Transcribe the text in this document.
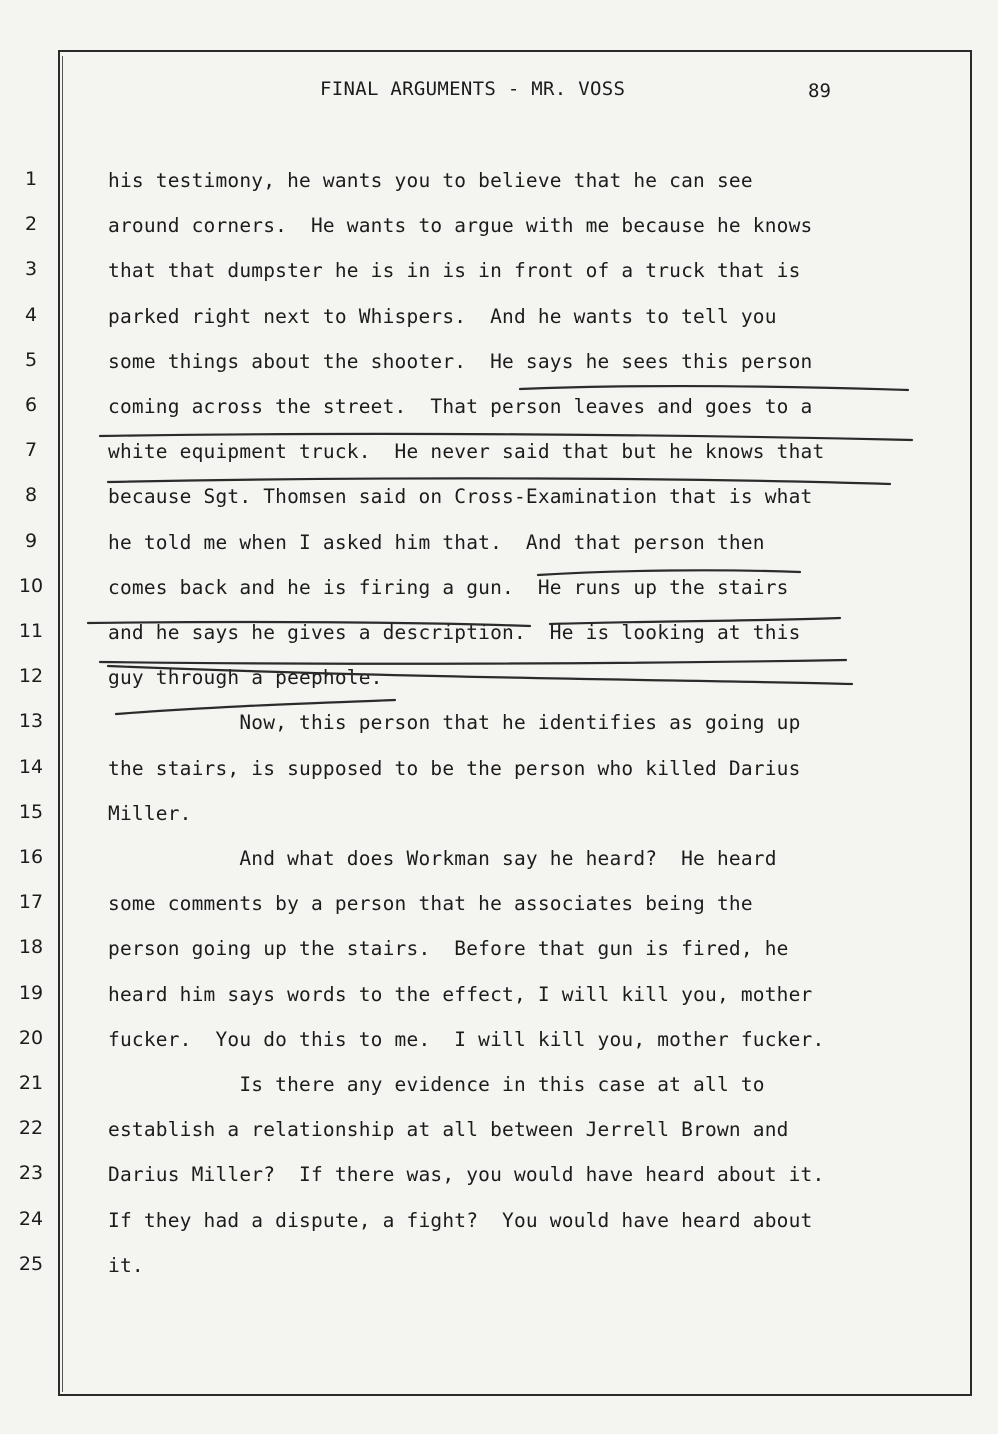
FINAL ARGUMENTS - MR. VOSS	89
1	his testimony, he wants you to believe that he can see
2	around corners.  He wants to argue with me because he knows
3	that that dumpster he is in is in front of a truck that is
4	parked right next to Whispers.  And he wants to tell you
5	some things about the shooter.  He says he sees this person
6	coming across the street.  That person leaves and goes to a
7	white equipment truck.  He never said that but he knows that
8	because Sgt. Thomsen said on Cross-Examination that is what
9	he told me when I asked him that.  And that person then
10	comes back and he is firing a gun.  He runs up the stairs
11	and he says he gives a description.  He is looking at this
12	guy through a peephole.
13	Now, this person that he identifies as going up
14	the stairs, is supposed to be the person who killed Darius
15	Miller.
16	And what does Workman say he heard?  He heard
17	some comments by a person that he associates being the
18	person going up the stairs.  Before that gun is fired, he
19	heard him says words to the effect, I will kill you, mother
20	fucker.  You do this to me.  I will kill you, mother fucker.
21	Is there any evidence in this case at all to
22	establish a relationship at all between Jerrell Brown and
23	Darius Miller?  If there was, you would have heard about it.
24	If they had a dispute, a fight?  You would have heard about
25	it.
